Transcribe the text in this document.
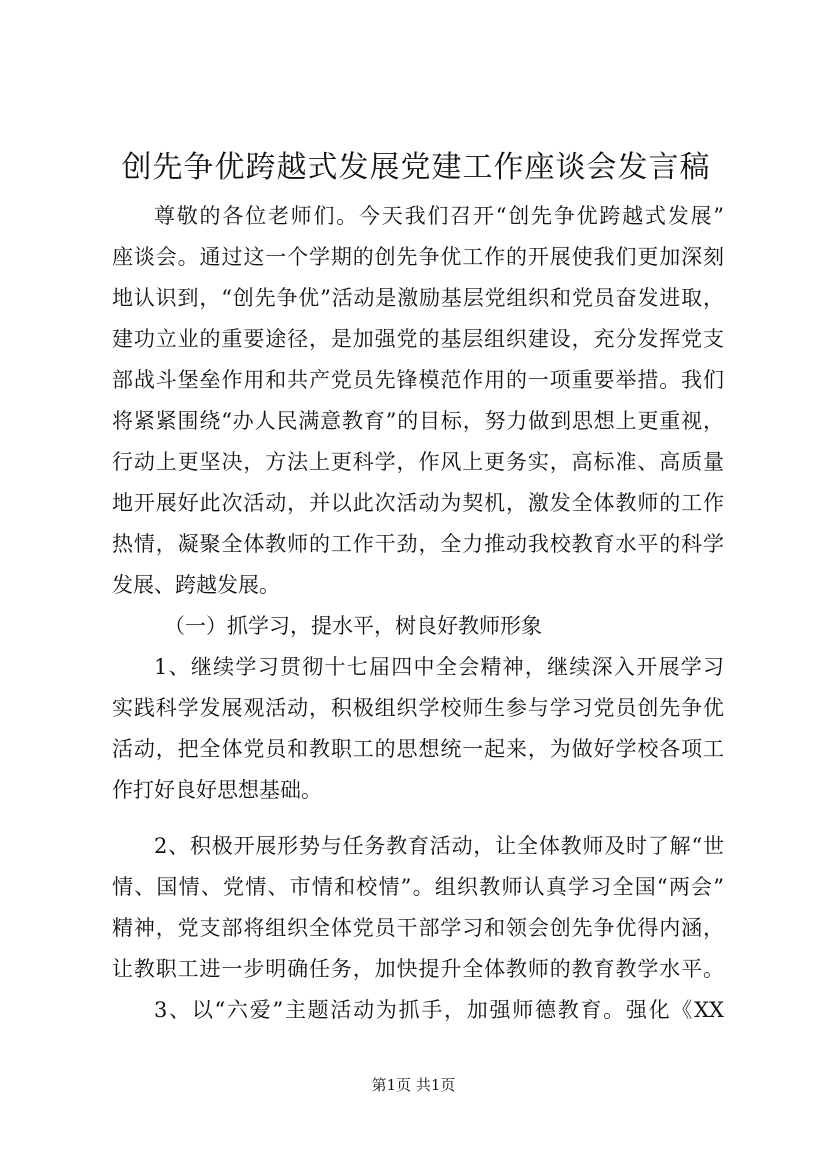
创先争优跨越式发展党建工作座谈会发言稿
尊敬的各位老师们。今天我们召开“创先争优跨越式发展”
座谈会。通过这一个学期的创先争优工作的开展使我们更加深刻
地认识到，“创先争优”活动是激励基层党组织和党员奋发进取，
建功立业的重要途径，是加强党的基层组织建设，充分发挥党支
部战斗堡垒作用和共产党员先锋模范作用的一项重要举措。我们
将紧紧围绕“办人民满意教育”的目标，努力做到思想上更重视，
行动上更坚决，方法上更科学，作风上更务实，高标准、高质量
地开展好此次活动，并以此次活动为契机，激发全体教师的工作
热情，凝聚全体教师的工作干劲，全力推动我校教育水平的科学
发展、跨越发展。
（一）抓学习，提水平，树良好教师形象
1、继续学习贯彻十七届四中全会精神，继续深入开展学习
实践科学发展观活动，积极组织学校师生参与学习党员创先争优
活动，把全体党员和教职工的思想统一起来，为做好学校各项工
作打好良好思想基础。
2、积极开展形势与任务教育活动，让全体教师及时了解“世
情、国情、党情、市情和校情”。组织教师认真学习全国“两会”
精神，党支部将组织全体党员干部学习和领会创先争优得内涵，
让教职工进一步明确任务，加快提升全体教师的教育教学水平。
3、以“六爱”主题活动为抓手，加强师德教育。强化《XX
第1页 共1页
